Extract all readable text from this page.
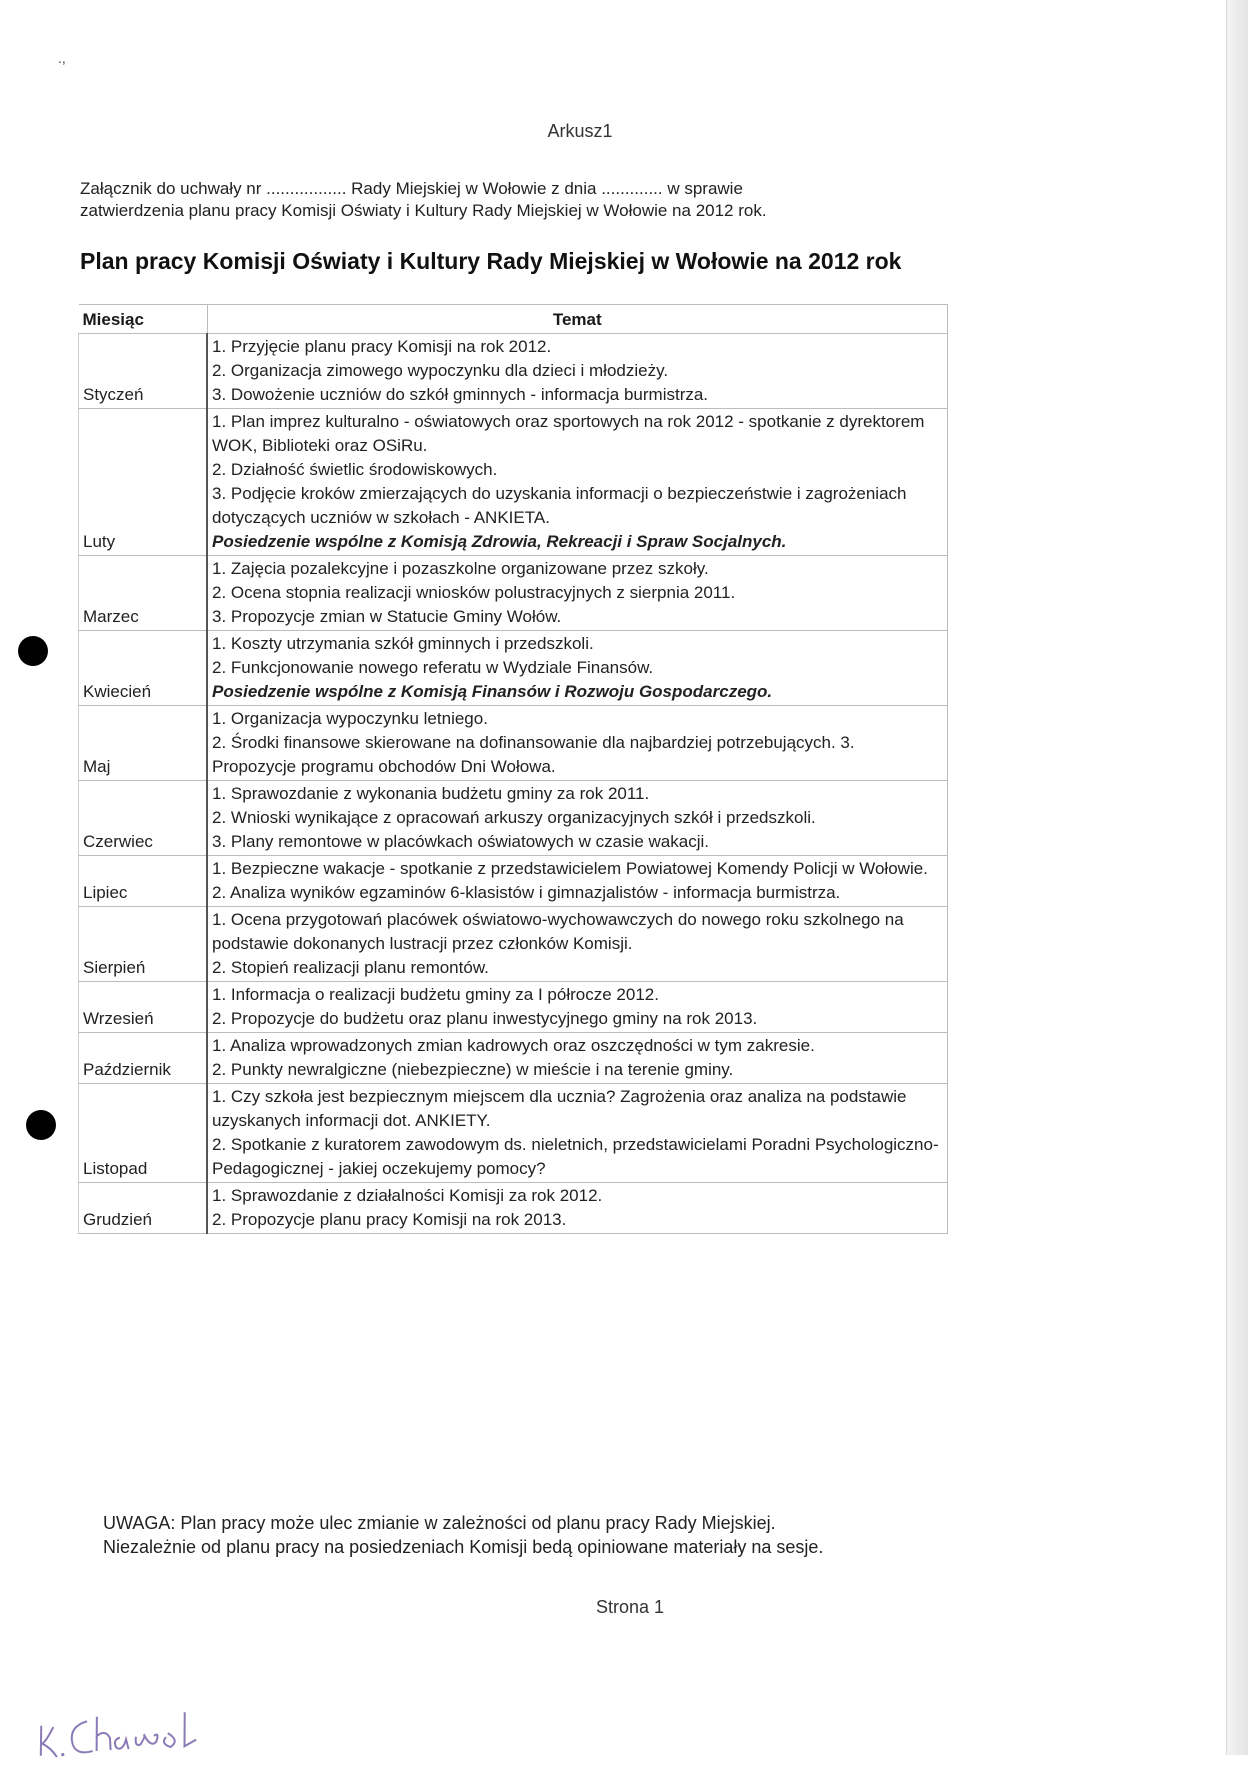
.,
Arkusz1
Załącznik do uchwały nr ................. Rady Miejskiej w Wołowie z dnia ............. w sprawie
zatwierdzenia planu pracy Komisji Oświaty i Kultury Rady Miejskiej w Wołowie na 2012 rok.
Plan pracy Komisji Oświaty i Kultury Rady Miejskiej w Wołowie na 2012 rok
Miesiąc	Temat
Styczeń	1. Przyjęcie planu pracy Komisji na rok 2012.
2. Organizacja zimowego wypoczynku dla dzieci i młodzieży.
3. Dowożenie uczniów do szkół gminnych - informacja burmistrza.

Luty	1. Plan imprez kulturalno - oświatowych oraz sportowych na rok 2012 - spotkanie z dyrektorem WOK, Biblioteki oraz OSiRu.
2. Działność świetlic środowiskowych.
3. Podjęcie kroków zmierzających do uzyskania informacji o bezpieczeństwie i zagrożeniach dotyczących uczniów w szkołach - ANKIETA.
Posiedzenie wspólne z Komisją Zdrowia, Rekreacji i Spraw Socjalnych.

Marzec	1. Zajęcia pozalekcyjne i pozaszkolne organizowane przez szkoły.
2. Ocena stopnia realizacji wniosków polustracyjnych z sierpnia 2011.
3. Propozycje zmian w Statucie Gminy Wołów.

Kwiecień	1. Koszty utrzymania szkół gminnych i przedszkoli.
2. Funkcjonowanie nowego referatu w Wydziale Finansów.
Posiedzenie wspólne z Komisją Finansów i Rozwoju Gospodarczego.

Maj	1. Organizacja wypoczynku letniego.
2. Środki finansowe skierowane na dofinansowanie dla najbardziej potrzebujących. 3.
Propozycje programu obchodów Dni Wołowa.

Czerwiec	1. Sprawozdanie z wykonania budżetu gminy za rok 2011.
2. Wnioski wynikające z opracowań arkuszy organizacyjnych szkół i przedszkoli.
3. Plany remontowe w placówkach oświatowych w czasie wakacji.

Lipiec	1. Bezpieczne wakacje - spotkanie z przedstawicielem Powiatowej Komendy Policji w Wołowie.
2. Analiza wyników egzaminów 6-klasistów i gimnazjalistów - informacja burmistrza.

Sierpień	1. Ocena przygotowań placówek oświatowo-wychowawczych do nowego roku szkolnego na podstawie dokonanych lustracji przez członków Komisji.
2. Stopień realizacji planu remontów.

Wrzesień	1. Informacja o realizacji budżetu gminy za I półrocze 2012.
2. Propozycje do budżetu oraz planu inwestycyjnego gminy na rok 2013.

Październik	1. Analiza wprowadzonych zmian kadrowych oraz oszczędności w tym zakresie.
2. Punkty newralgiczne (niebezpieczne) w mieście i na terenie gminy.

Listopad	1. Czy szkoła jest bezpiecznym miejscem dla ucznia? Zagrożenia oraz analiza na podstawie uzyskanych informacji dot. ANKIETY.
2. Spotkanie z kuratorem zawodowym ds. nieletnich, przedstawicielami Poradni Psychologiczno-Pedagogicznej - jakiej oczekujemy pomocy?

Grudzień	1. Sprawozdanie z działalności Komisji za rok 2012.
2. Propozycje planu pracy Komisji na rok 2013.
UWAGA: Plan pracy może ulec zmianie w zależności od planu pracy Rady Miejskiej.
Niezależnie od planu pracy na posiedzeniach Komisji bedą opiniowane materiały na sesje.
Strona 1
